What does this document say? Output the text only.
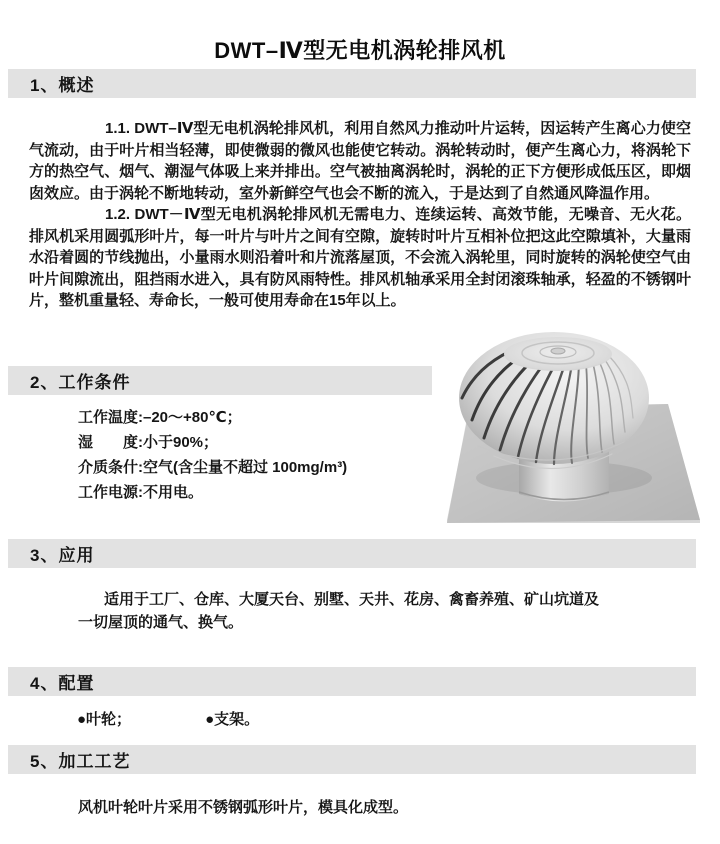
DWT–Ⅳ型无电机涡轮排风机
1、概述

1.1. DWT–Ⅳ型无电机涡轮排风机，利用自然风力推动叶片运转，因运转产生离心力使空气流动，由于叶片相当轻薄，即使微弱的微风也能使它转动。涡轮转动时，便产生离心力，将涡轮下方的热空气、烟气、潮湿气体吸上来并排出。空气被抽离涡轮时，涡轮的正下方便形成低压区，即烟囱效应。由于涡轮不断地转动，室外新鲜空气也会不断的流入，于是达到了自然通风降温作用。

1.2. DWT－Ⅳ型无电机涡轮排风机无需电力、连续运转、高效节能，无噪音、无火花。排风机采用圆弧形叶片，每一叶片与叶片之间有空隙，旋转时叶片互相补位把这此空隙填补，大量雨水沿着圆的节线抛出，小量雨水则沿着叶和片流落屋顶，不会流入涡轮里，同时旋转的涡轮使空气由叶片间隙流出，阻挡雨水进入，具有防风雨特性。排风机轴承采用全封闭滚珠轴承，轻盈的不锈钢叶片，整机重量轻、寿命长，一般可使用寿命在15年以上。

2、工作条件
工作温度:–20～+80℃；
湿　　度:小于90%；
介质条什:空气(含尘量不超过 100mg/m³)
工作电源:不用电。
3、应用

适用于工厂、仓库、大厦天台、别墅、天井、花房、禽畜养殖、矿山坑道及一切屋顶的通气、换气。

4、配置
●叶轮；	●支架。
5、加工工艺

风机叶轮叶片采用不锈钢弧形叶片，模具化成型。
